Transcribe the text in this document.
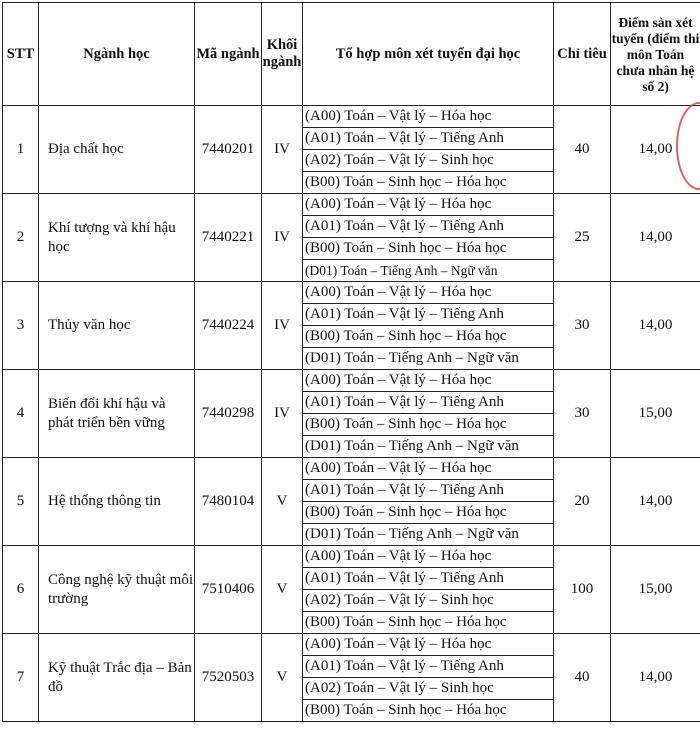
STT	Ngành học	Mã ngành	Khối ngành	Tổ hợp môn xét tuyển đại học	Chỉ tiêu	Điểm sàn xét tuyển (điểm thi môn Toán chưa nhân hệ số 2)
1	Địa chất học	7440201	IV	(A00) Toán – Vật lý – Hóa học	40	14,00
				(A01) Toán – Vật lý – Tiếng Anh		
				(A02) Toán – Vật lý – Sinh học		
				(B00) Toán – Sinh học – Hóa học		
2	Khí tượng và khí hậu học	7440221	IV	(A00) Toán – Vật lý – Hóa học	25	14,00
				(A01) Toán – Vật lý – Tiếng Anh		
				(B00) Toán – Sinh học – Hóa học		
				(D01) Toán – Tiếng Anh – Ngữ văn		
3	Thủy văn học	7440224	IV	(A00) Toán – Vật lý – Hóa học	30	14,00
				(A01) Toán – Vật lý – Tiếng Anh		
				(B00) Toán – Sinh học – Hóa học		
				(D01) Toán – Tiếng Anh – Ngữ văn		
4	Biến đổi khí hậu và phát triển bền vững	7440298	IV	(A00) Toán – Vật lý – Hóa học	30	15,00
				(A01) Toán – Vật lý – Tiếng Anh		
				(B00) Toán – Sinh học – Hóa học		
				(D01) Toán – Tiếng Anh – Ngữ văn		
5	Hệ thống thông tin	7480104	V	(A00) Toán – Vật lý – Hóa học	20	14,00
				(A01) Toán – Vật lý – Tiếng Anh		
				(B00) Toán – Sinh học – Hóa học		
				(D01) Toán – Tiếng Anh – Ngữ văn		
6	Công nghệ kỹ thuật môi trường	7510406	V	(A00) Toán – Vật lý – Hóa học	100	15,00
				(A01) Toán – Vật lý – Tiếng Anh		
				(A02) Toán – Vật lý – Sinh học		
				(B00) Toán – Sinh học – Hóa học		
7	Kỹ thuật Trắc địa – Bản đồ	7520503	V	(A00) Toán – Vật lý – Hóa học	40	14,00
				(A01) Toán – Vật lý – Tiếng Anh		
				(A02) Toán – Vật lý – Sinh học		
				(B00) Toán – Sinh học – Hóa học		
